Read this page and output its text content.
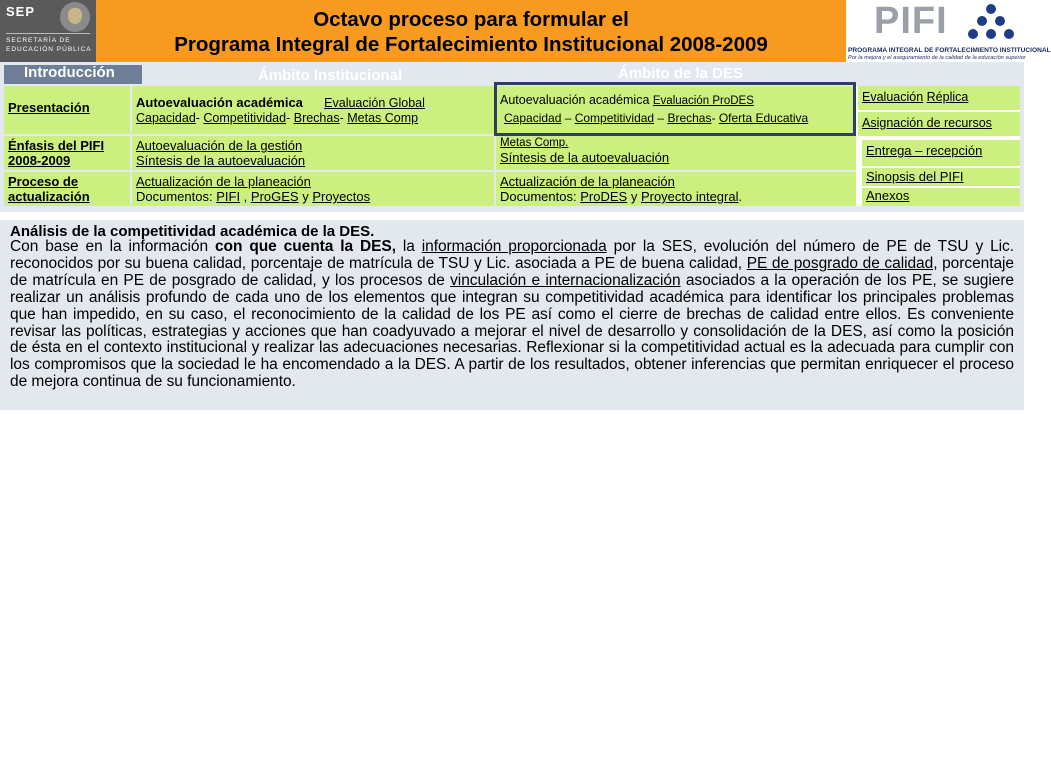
SEP
SECRETARÍA DE
EDUCACIÓN PÚBLICA
Octavo proceso para formular el
Programa Integral de Fortalecimiento Institucional 2008-2009
PIFI
PROGRAMA INTEGRAL DE FORTALECIMIENTO INSTITUCIONAL
Por la mejora y el aseguramiento de la calidad de la educación superior
Introducción	Ámbito Institucional	Ámbito de la DES
Presentación
Énfasis del PIFI 2008-2009
Proceso de actualización
Autoevaluación académica Evaluación Global
Capacidad- Competitividad- Brechas- Metas Comp
Autoevaluación de la gestión
Síntesis de la autoevaluación
Actualización de la planeación
Documentos: PIFI , ProGES y Proyectos
Autoevaluación académica Evaluación ProDES
Capacidad – Competitividad – Brechas- Oferta Educativa
Metas Comp.
Síntesis de la autoevaluación
Actualización de la planeación
Documentos: ProDES y Proyecto integral.
Evaluación Réplica
Asignación de recursos
Entrega – recepción
Sinopsis del PIFI
Anexos
Análisis de la competitividad académica de la DES.
Con base en la información con que cuenta la DES, la información proporcionada por la SES, evolución del número de PE de TSU y Lic. reconocidos por su buena calidad, porcentaje de matrícula de TSU y Lic. asociada a PE de buena calidad, PE de posgrado de calidad, porcentaje de matrícula en PE de posgrado de calidad, y los procesos de vinculación e internacionalización asociados a la operación de los PE, se sugiere realizar un análisis profundo de cada uno de los elementos que integran su competitividad académica para identificar los principales problemas que han impedido, en su caso, el reconocimiento de la calidad de los PE así como el cierre de brechas de calidad entre ellos. Es conveniente revisar las políticas, estrategias y acciones que han coadyuvado a mejorar el nivel de desarrollo y consolidación de la DES, así como la posición de ésta en el contexto institucional y realizar las adecuaciones necesarias. Reflexionar si la competitividad actual es la adecuada para cumplir con los compromisos que la sociedad le ha encomendado a la DES. A partir de los resultados, obtener inferencias que permitan enriquecer el proceso de mejora continua de su funcionamiento.
